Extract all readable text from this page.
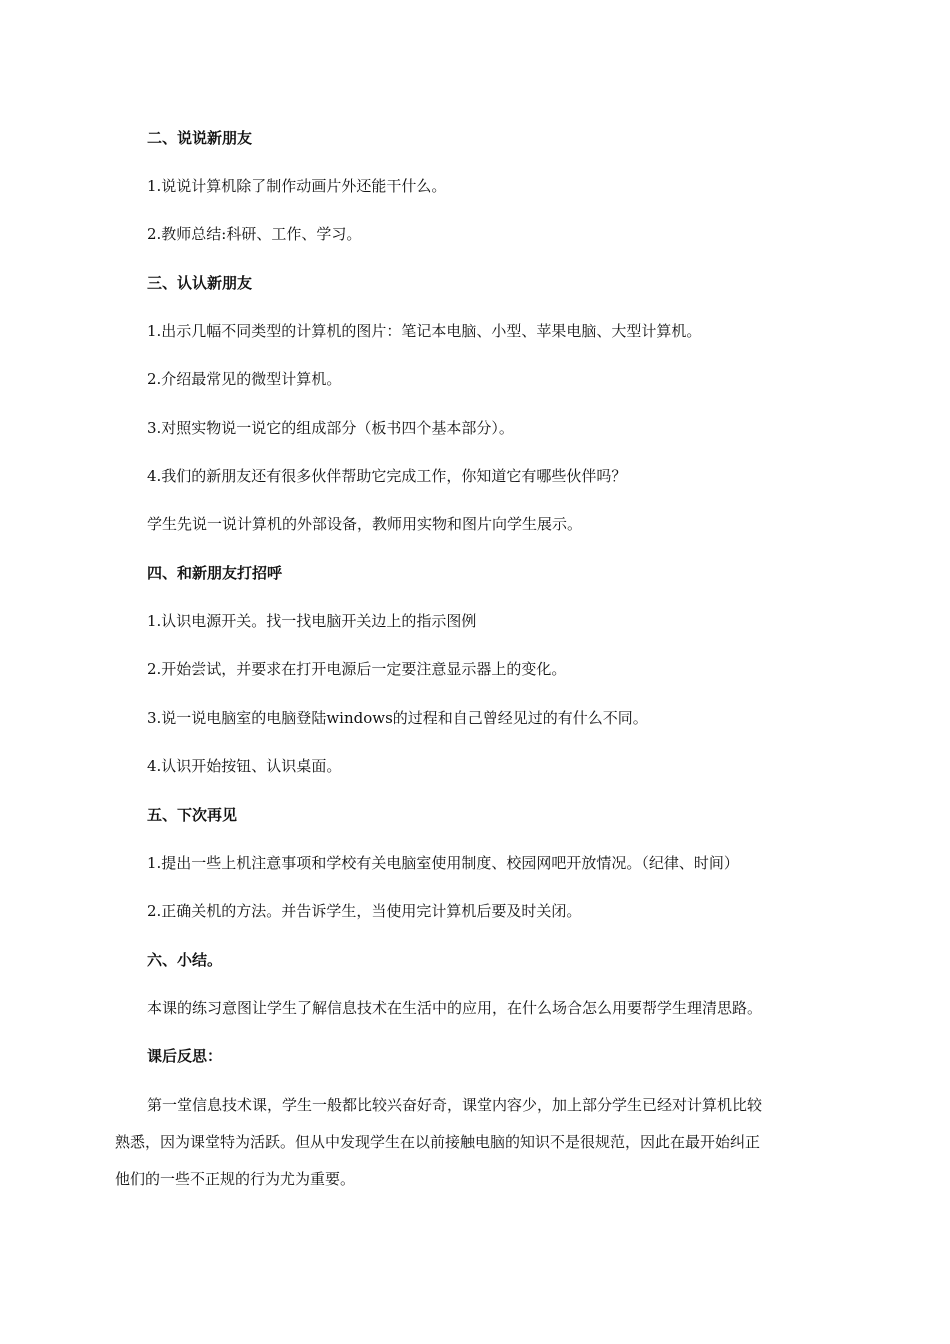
二、说说新朋友
1.说说计算机除了制作动画片外还能干什么。
2.教师总结:科研、工作、学习。
三、认认新朋友
1.出示几幅不同类型的计算机的图片：笔记本电脑、小型、苹果电脑、大型计算机。
2.介绍最常见的微型计算机。
3.对照实物说一说它的组成部分（板书四个基本部分）。
4.我们的新朋友还有很多伙伴帮助它完成工作，你知道它有哪些伙伴吗？
学生先说一说计算机的外部设备，教师用实物和图片向学生展示。
四、和新朋友打招呼
1.认识电源开关。找一找电脑开关边上的指示图例
2.开始尝试，并要求在打开电源后一定要注意显示器上的变化。
3.说一说电脑室的电脑登陆windows的过程和自己曾经见过的有什么不同。
4.认识开始按钮、认识桌面。
五、下次再见
1.提出一些上机注意事项和学校有关电脑室使用制度、校园网吧开放情况。（纪律、时间）
2.正确关机的方法。并告诉学生，当使用完计算机后要及时关闭。
六、小结。
本课的练习意图让学生了解信息技术在生活中的应用，在什么场合怎么用要帮学生理清思路。
课后反思：
第一堂信息技术课，学生一般都比较兴奋好奇，课堂内容少，加上部分学生已经对计算机比较
熟悉，因为课堂特为活跃。但从中发现学生在以前接触电脑的知识不是很规范，因此在最开始纠正
他们的一些不正规的行为尤为重要。
